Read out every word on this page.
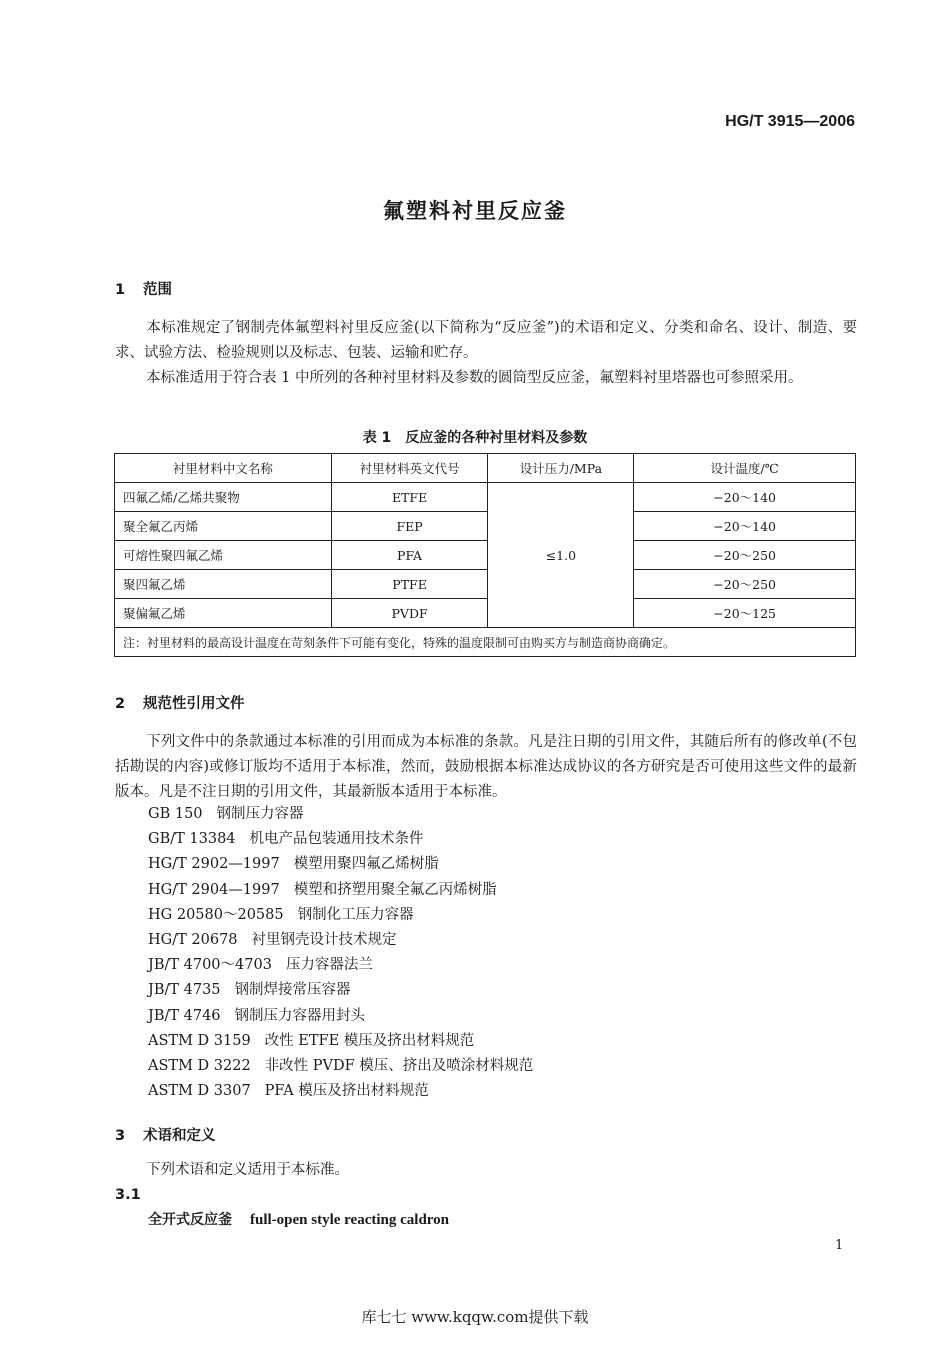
HG/T 3915—2006
氟塑料衬里反应釜
1 范围
本标准规定了钢制壳体氟塑料衬里反应釜(以下简称为“反应釜”)的术语和定义、分类和命名、设计、制造、要求、试验方法、检验规则以及标志、包装、运输和贮存。
本标准适用于符合表 1 中所列的各种衬里材料及参数的圆筒型反应釜，氟塑料衬里塔器也可参照采用。
表 1　反应釜的各种衬里材料及参数
衬里材料中文名称	衬里材料英文代号	设计压力/MPa	设计温度/℃
四氟乙烯/乙烯共聚物	ETFE	≤1.0	−20～140
聚全氟乙丙烯	FEP		−20～140
可熔性聚四氟乙烯	PFA		−20～250
聚四氟乙烯	PTFE		−20～250
聚偏氟乙烯	PVDF		−20～125
注：衬里材料的最高设计温度在苛刻条件下可能有变化，特殊的温度限制可由购买方与制造商协商确定。			
2 规范性引用文件
下列文件中的条款通过本标准的引用而成为本标准的条款。凡是注日期的引用文件，其随后所有的修改单(不包括勘误的内容)或修订版均不适用于本标准，然而，鼓励根据本标准达成协议的各方研究是否可使用这些文件的最新版本。凡是不注日期的引用文件，其最新版本适用于本标准。
GB 150 钢制压力容器
GB/T 13384 机电产品包装通用技术条件
HG/T 2902—1997 模塑用聚四氟乙烯树脂
HG/T 2904—1997 模塑和挤塑用聚全氟乙丙烯树脂
HG 20580～20585 钢制化工压力容器
HG/T 20678 衬里钢壳设计技术规定
JB/T 4700～4703 压力容器法兰
JB/T 4735 钢制焊接常压容器
JB/T 4746 钢制压力容器用封头
ASTM D 3159 改性 ETFE 模压及挤出材料规范
ASTM D 3222 非改性 PVDF 模压、挤出及喷涂材料规范
ASTM D 3307 PFA 模压及挤出材料规范
3 术语和定义
下列术语和定义适用于本标准。
3.1
全开式反应釜 full-open style reacting caldron
1
库七七 www.kqqw.com提供下载
